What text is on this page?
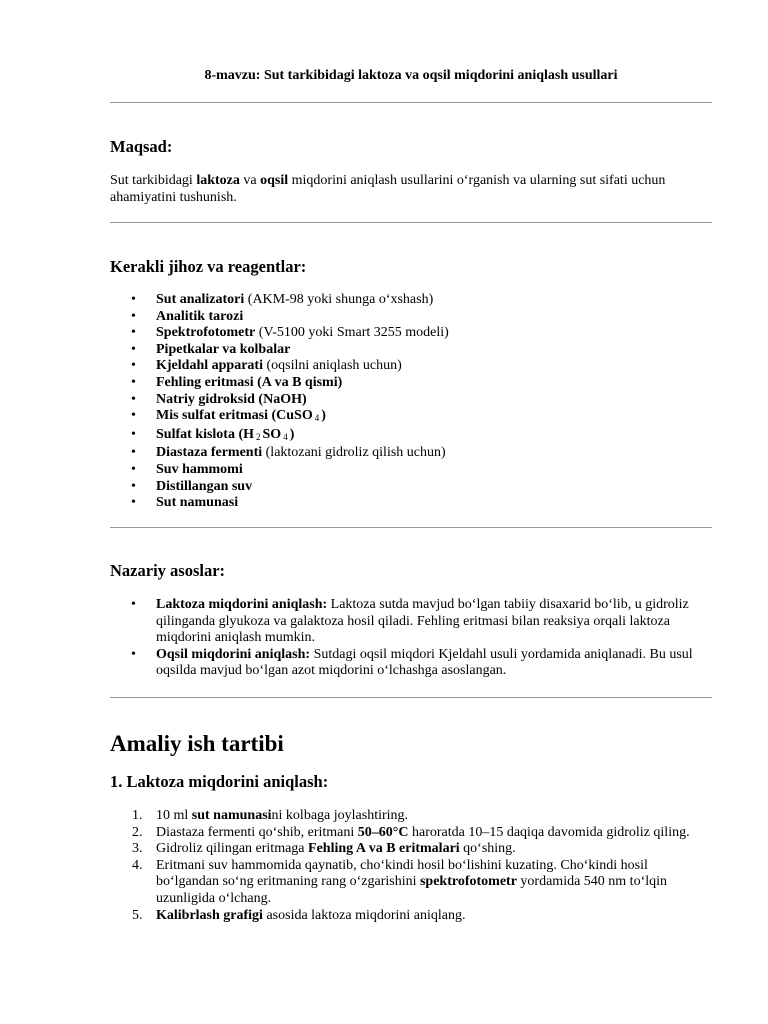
8-mavzu: Sut tarkibidagi laktoza va oqsil miqdorini aniqlash usullari
Maqsad:
Sut tarkibidagi laktoza va oqsil miqdorini aniqlash usullarini o‘rganish va ularning sut sifati uchun ahamiyatini tushunish.
Kerakli jihoz va reagentlar:
• Sut analizatori (AKM-98 yoki shunga o‘xshash)
• Analitik tarozi
• Spektrofotometr (V-5100 yoki Smart 3255 modeli)
• Pipetkalar va kolbalar
• Kjeldahl apparati (oqsilni aniqlash uchun)
• Fehling eritmasi (A va B qismi)
• Natriy gidroksid (NaOH)
• Mis sulfat eritmasi (CuSO $_4$ )
• Sulfat kislota (H $_2$ SO $_4$ )
• Diastaza fermenti (laktozani gidroliz qilish uchun)
• Suv hammomi
• Distillangan suv
• Sut namunasi
Nazariy asoslar:
• Laktoza miqdorini aniqlash: Laktoza sutda mavjud bo‘lgan tabiiy disaxarid bo‘lib, u gidroliz qilinganda glyukoza va galaktoza hosil qiladi. Fehling eritmasi bilan reaksiya orqali laktoza miqdorini aniqlash mumkin.
• Oqsil miqdorini aniqlash: Sutdagi oqsil miqdori Kjeldahl usuli yordamida aniqlanadi. Bu usul oqsilda mavjud bo‘lgan azot miqdorini o‘lchashga asoslangan.
Amaliy ish tartibi
1. Laktoza miqdorini aniqlash:
1. 10 ml sut namunasini kolbaga joylashtiring.
2. Diastaza fermenti qo‘shib, eritmani 50–60°C haroratda 10–15 daqiqa davomida gidroliz qiling.
3. Gidroliz qilingan eritmaga Fehling A va B eritmalari qo‘shing.
4. Eritmani suv hammomida qaynatib, cho‘kindi hosil bo‘lishini kuzating. Cho‘kindi hosil bo‘lgandan so‘ng eritmaning rang o‘zgarishini spektrofotometr yordamida 540 nm to‘lqin uzunligida o‘lchang.
5. Kalibrlash grafigi asosida laktoza miqdorini aniqlang.
